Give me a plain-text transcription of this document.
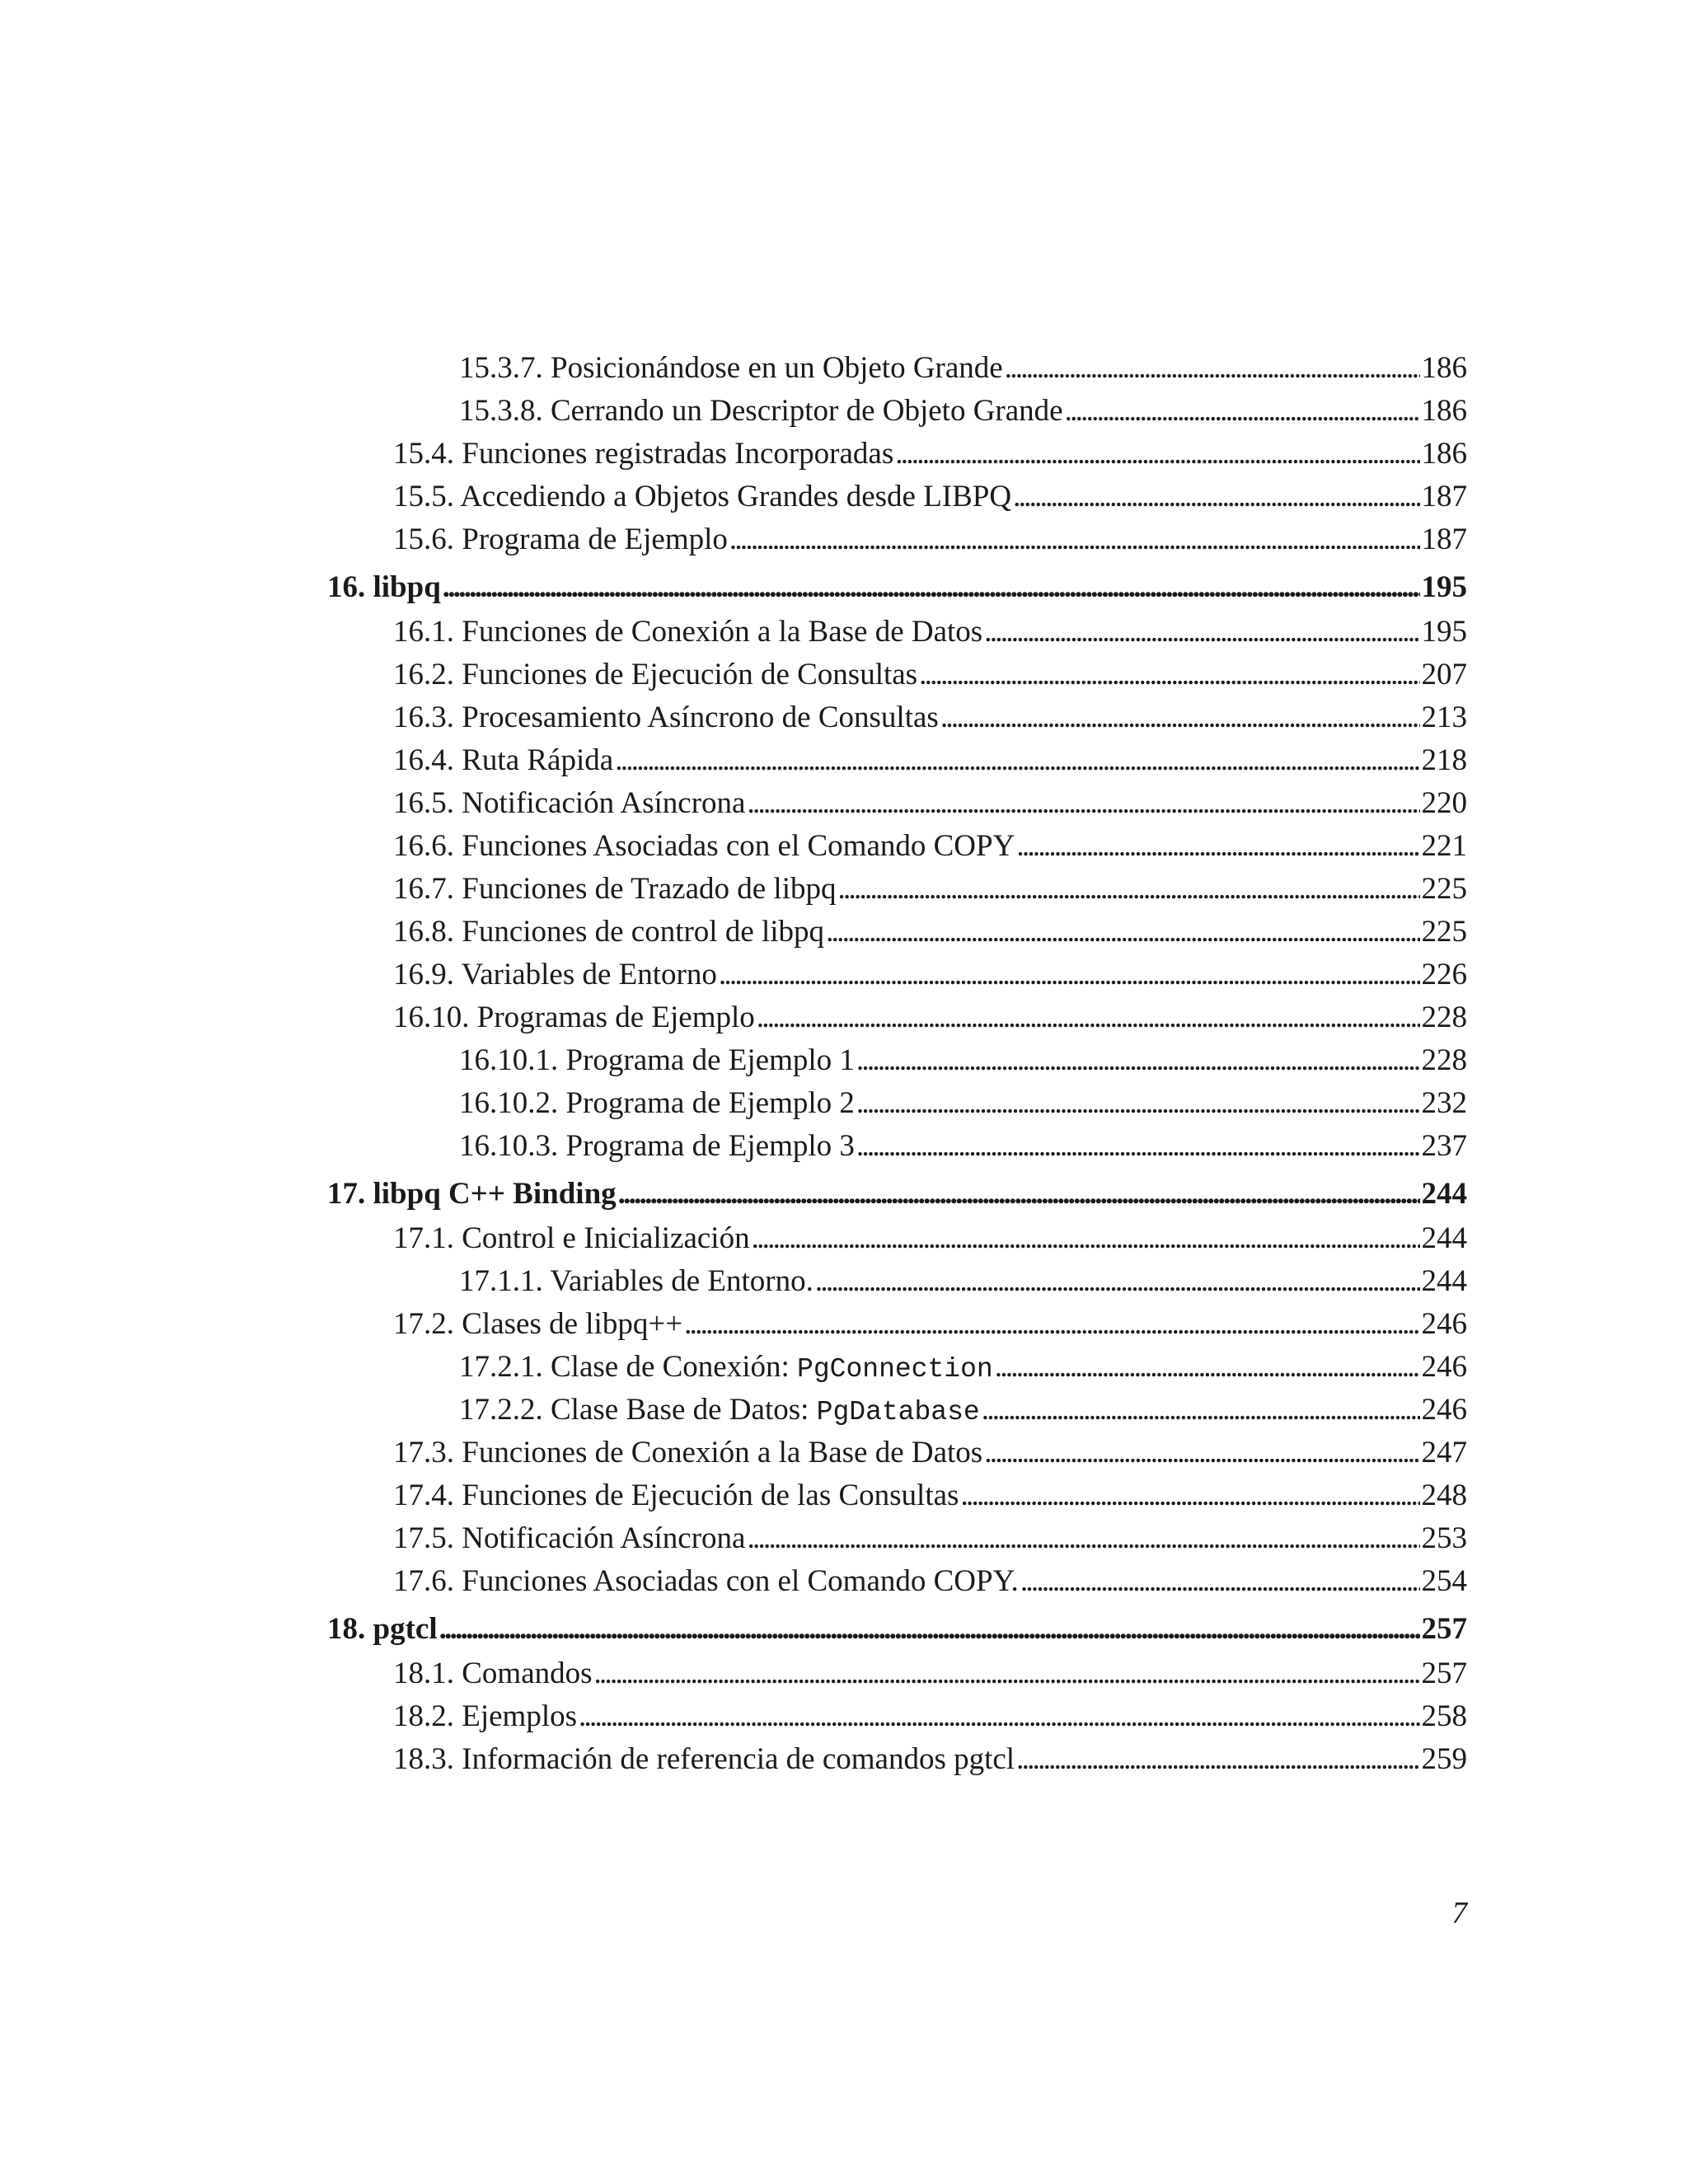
15.3.7. Posicionándose en un Objeto Grande . . .	186
15.3.8. Cerrando un Descriptor de Objeto Grande . . .	186
15.4. Funciones registradas Incorporadas . . .	186
15.5. Accediendo a Objetos Grandes desde LIBPQ . . .	187
15.6. Programa de Ejemplo . . .	187
16. libpq . . .	195
16.1. Funciones de Conexión a la Base de Datos . . .	195
16.2. Funciones de Ejecución de Consultas . . .	207
16.3. Procesamiento Asíncrono de Consultas . . .	213
16.4. Ruta Rápida . . .	218
16.5. Notificación Asíncrona . . .	220
16.6. Funciones Asociadas con el Comando COPY . . .	221
16.7. Funciones de Trazado de libpq . . .	225
16.8. Funciones de control de libpq . . .	225
16.9. Variables de Entorno . . .	226
16.10. Programas de Ejemplo . . .	228
16.10.1. Programa de Ejemplo 1 . . .	228
16.10.2. Programa de Ejemplo 2 . . .	232
16.10.3. Programa de Ejemplo 3 . . .	237
17. libpq C++ Binding . . .	244
17.1. Control e Inicialización . . .	244
17.1.1. Variables de Entorno. . . .	244
17.2. Clases de libpq++ . . .	246
17.2.1. Clase de Conexión: PgConnection . . .	246
17.2.2. Clase Base de Datos: PgDatabase . . .	246
17.3. Funciones de Conexión a la Base de Datos . . .	247
17.4. Funciones de Ejecución de las Consultas . . .	248
17.5. Notificación Asíncrona . . .	253
17.6. Funciones Asociadas con el Comando COPY. . . .	254
18. pgtcl . . .	257
18.1. Comandos . . .	257
18.2. Ejemplos . . .	258
18.3. Información de referencia de comandos pgtcl . . .	259
7
